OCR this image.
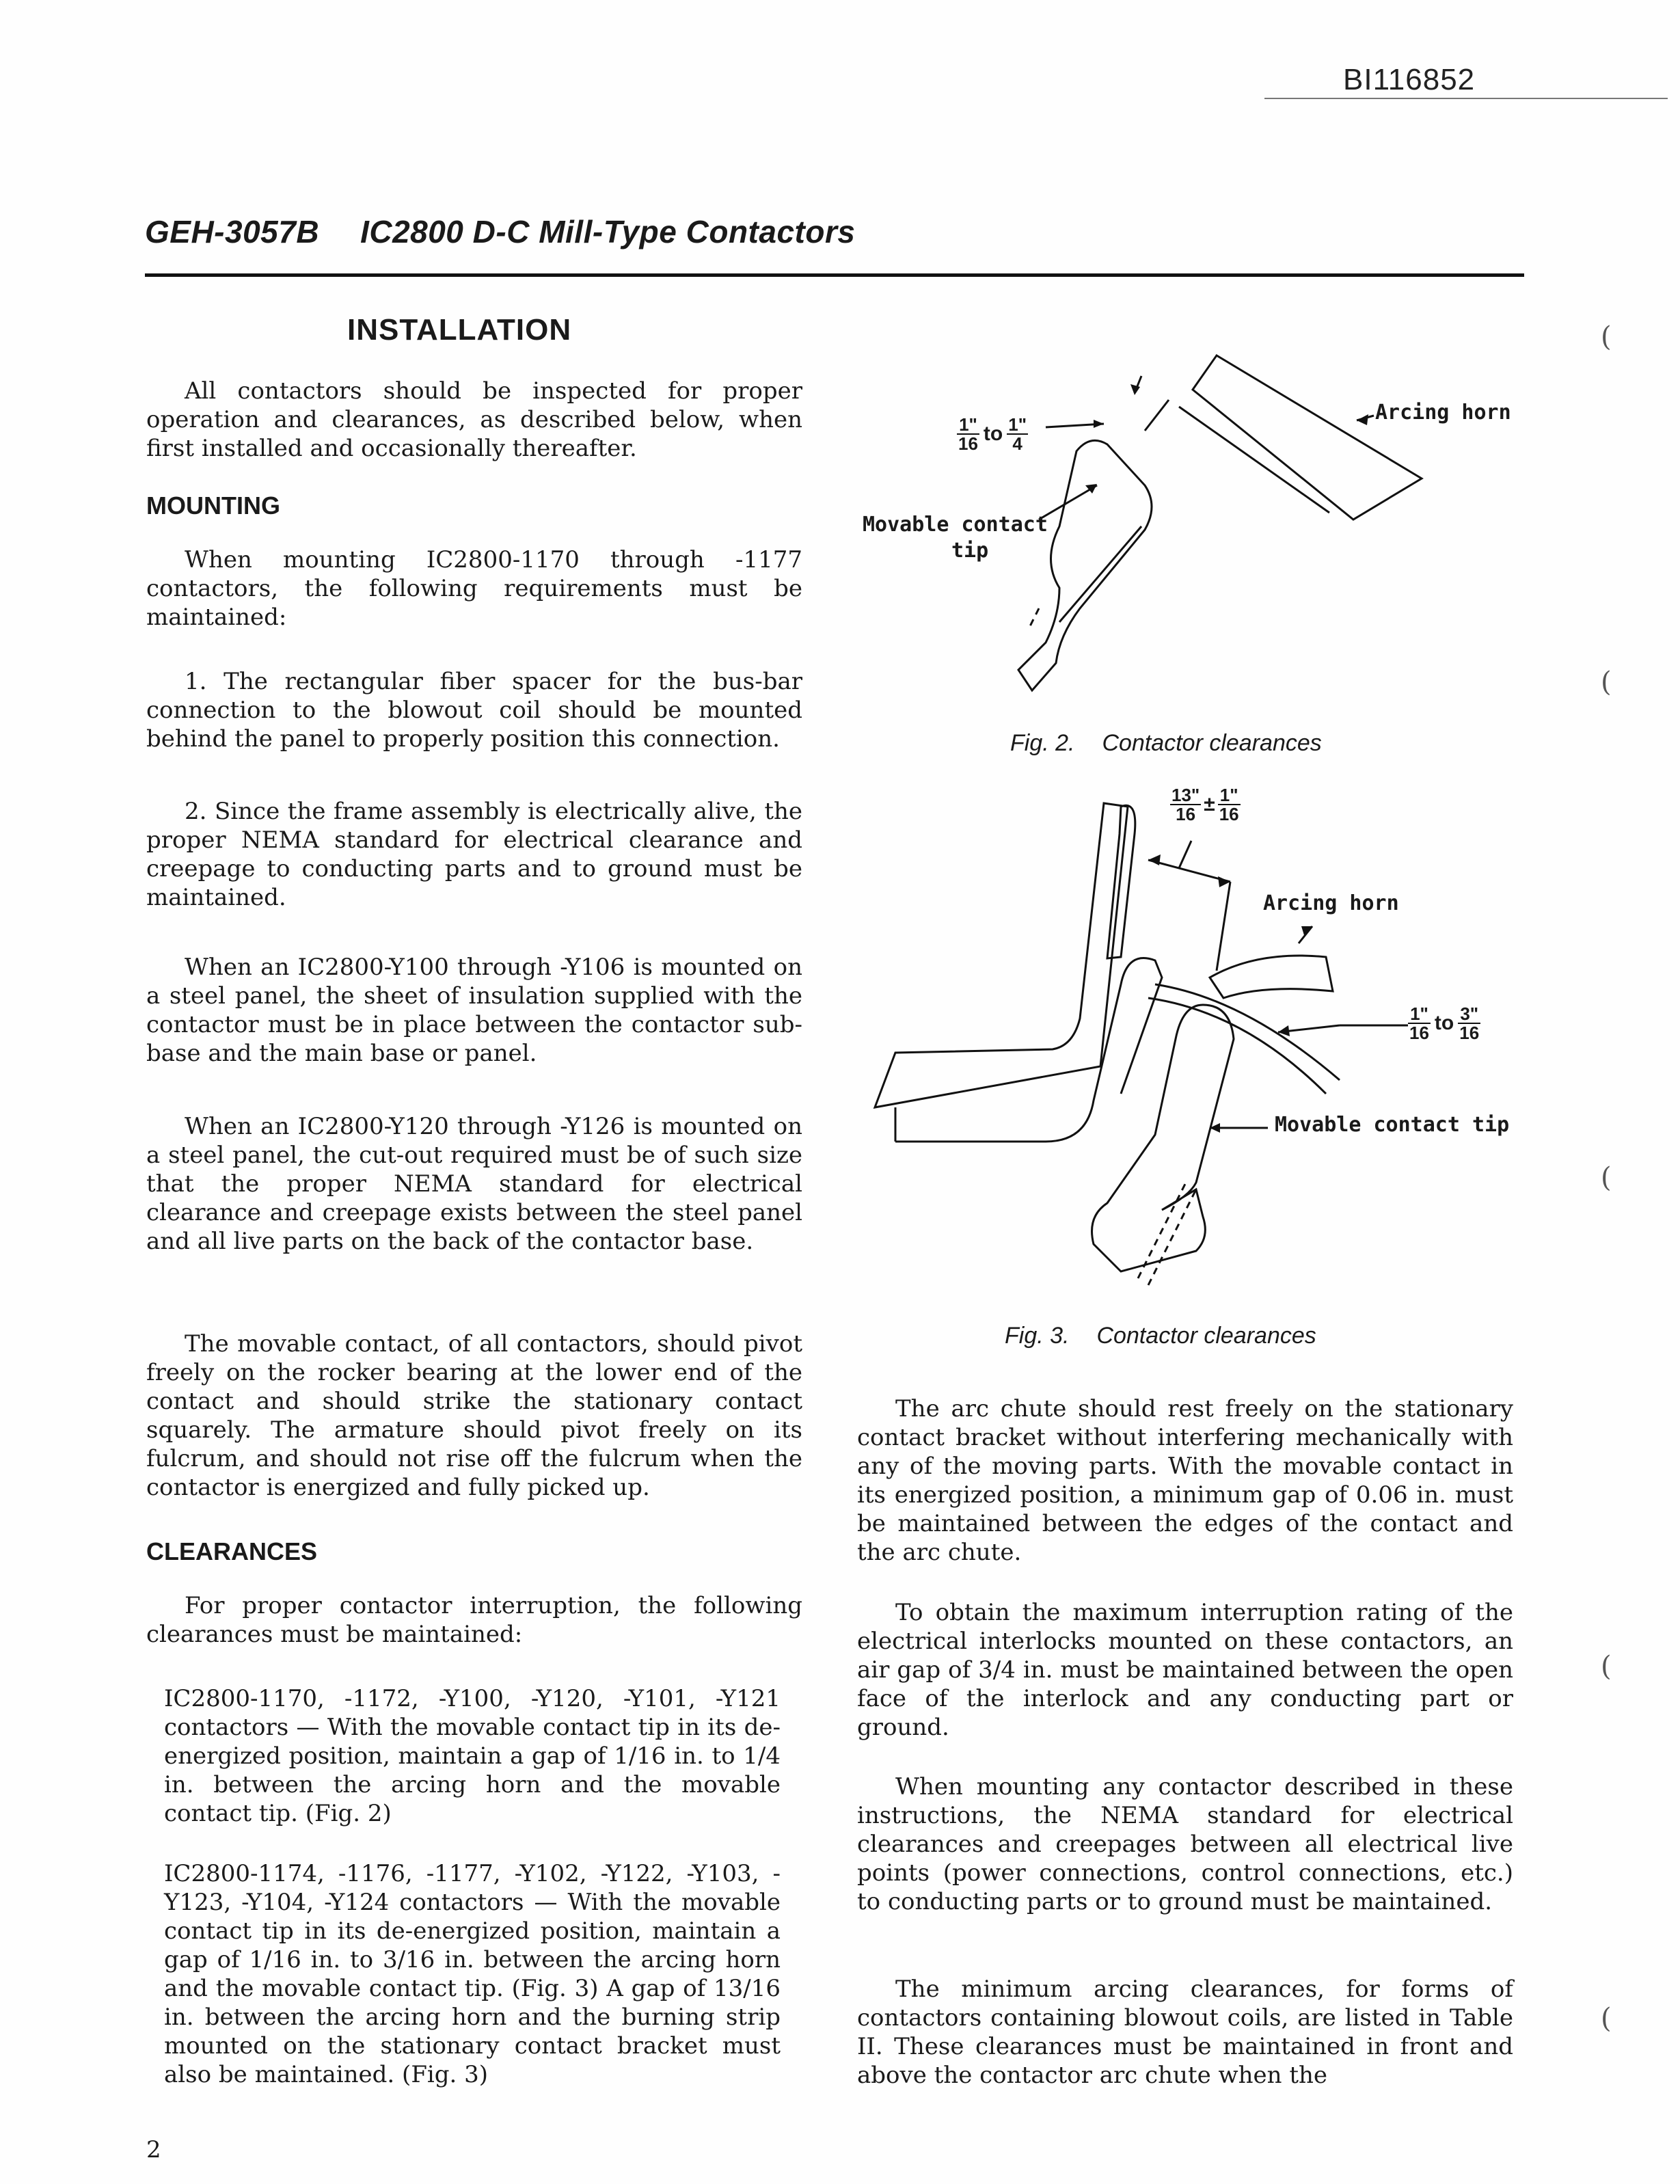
BI116852
GEH-3057B IC2800 D-C Mill-Type Contactors
INSTALLATION

All contactors should be inspected for proper operation and clearances, as described below, when first installed and occasionally thereafter.

MOUNTING

When mounting IC2800-1170 through -1177 contactors, the following requirements must be maintained:

1. The rectangular fiber spacer for the bus-bar connection to the blowout coil should be mounted behind the panel to properly position this connection.

2. Since the frame assembly is electrically alive, the proper NEMA standard for electrical clearance and creepage to conducting parts and to ground must be maintained.

When an IC2800-Y100 through -Y106 is mounted on a steel panel, the sheet of insulation supplied with the contactor must be in place between the contactor sub-base and the main base or panel.

When an IC2800-Y120 through -Y126 is mounted on a steel panel, the cut-out required must be of such size that the proper NEMA standard for electrical clearance and creepage exists between the steel panel and all live parts on the back of the contactor base.

The movable contact, of all contactors, should pivot freely on the rocker bearing at the lower end of the contact and should strike the stationary contact squarely. The armature should pivot freely on its fulcrum, and should not rise off the fulcrum when the contactor is energized and fully picked up.

CLEARANCES

For proper contactor interruption, the following clearances must be maintained:

IC2800-1170, -1172, -Y100, -Y120, -Y101, -Y121 contactors — With the movable contact tip in its de-energized position, maintain a gap of 1/16 in. to 1/4 in. between the arcing horn and the movable contact tip. (Fig. 2)

IC2800-1174, -1176, -1177, -Y102, -Y122, -Y103, -Y123, -Y104, -Y124 contactors — With the movable contact tip in its de-energized position, maintain a gap of 1/16 in. to 3/16 in. between the arcing horn and the movable contact tip. (Fig. 3) A gap of 13/16 in. between the arcing horn and the burning strip mounted on the stationary contact bracket must also be maintained. (Fig. 3)

2
$\frac{1"}{16}$ to $\frac{1"}{4}$
Arcing horn
Movable contact
tip
Fig. 2. Contactor clearances
$\frac{13"}{16} \pm \frac{1"}{16}$
Arcing horn
$\frac{1"}{16}$ to $\frac{3"}{16}$
Movable contact tip
Fig. 3. Contactor clearances

The arc chute should rest freely on the stationary contact bracket without interfering mechanically with any of the moving parts. With the movable contact in its energized position, a minimum gap of 0.06 in. must be maintained between the edges of the contact and the arc chute.

To obtain the maximum interruption rating of the electrical interlocks mounted on these contactors, an air gap of 3/4 in. must be maintained between the open face of the interlock and any conducting part or ground.

When mounting any contactor described in these instructions, the NEMA standard for electrical clearances and creepages between all electrical live points (power connections, control connections, etc.) to conducting parts or to ground must be maintained.

The minimum arcing clearances, for forms of contactors containing blowout coils, are listed in Table II. These clearances must be maintained in front and above the contactor arc chute when the

(
(
(
(
(
